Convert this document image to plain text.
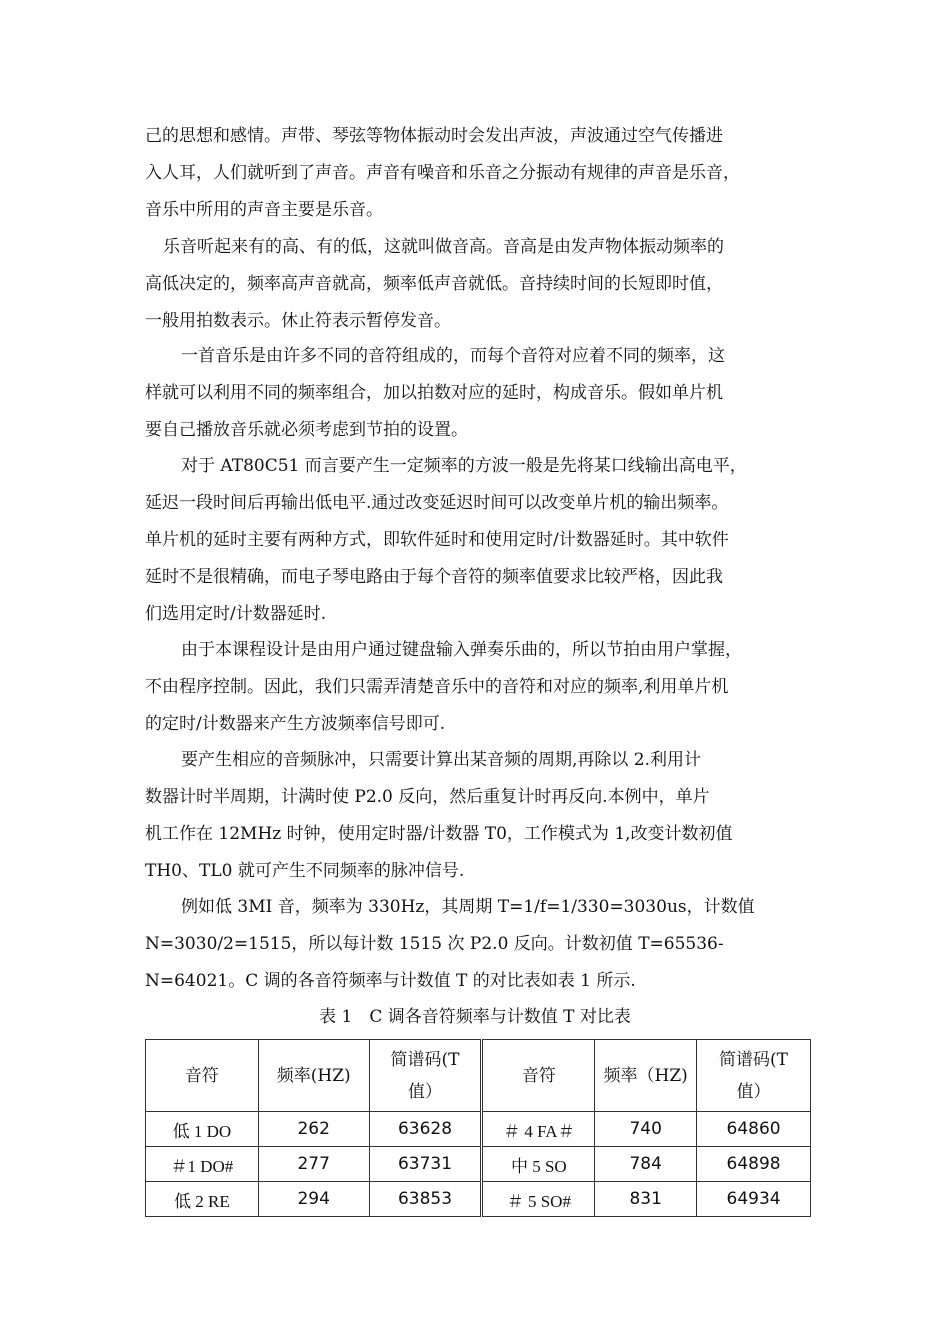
己的思想和感情。声带、琴弦等物体振动时会发出声波，声波通过空气传播进
入人耳，人们就听到了声音。声音有噪音和乐音之分振动有规律的声音是乐音，
音乐中所用的声音主要是乐音。
乐音听起来有的高、有的低，这就叫做音高。音高是由发声物体振动频率的
高低决定的，频率高声音就高，频率低声音就低。音持续时间的长短即时值，
一般用拍数表示。休止符表示暂停发音。
一首音乐是由许多不同的音符组成的，而每个音符对应着不同的频率，这
样就可以利用不同的频率组合，加以拍数对应的延时，构成音乐。假如单片机
要自己播放音乐就必须考虑到节拍的设置。
对于 AT80C51 而言要产生一定频率的方波一般是先将某口线输出高电平，
延迟一段时间后再输出低电平.通过改变延迟时间可以改变单片机的输出频率。
单片机的延时主要有两种方式，即软件延时和使用定时/计数器延时。其中软件
延时不是很精确，而电子琴电路由于每个音符的频率值要求比较严格，因此我
们选用定时/计数器延时.
由于本课程设计是由用户通过键盘输入弹奏乐曲的，所以节拍由用户掌握，
不由程序控制。因此，我们只需弄清楚音乐中的音符和对应的频率,利用单片机
的定时/计数器来产生方波频率信号即可.
要产生相应的音频脉冲，只需要计算出某音频的周期,再除以 2.利用计
数器计时半周期，计满时使 P2.0 反向，然后重复计时再反向.本例中，单片
机工作在 12MHz 时钟，使用定时器/计数器 T0，工作模式为 1,改变计数初值
TH0、TL0 就可产生不同频率的脉冲信号.
例如低 3MI 音，频率为 330Hz，其周期 T=1/f=1/330=3030us，计数值
N=3030/2=1515，所以每计数 1515 次 P2.0 反向。计数初值 T=65536-
N=64021。C 调的各音符频率与计数值 T 的对比表如表 1 所示.
表 1　C 调各音符频率与计数值 T 对比表
音符	频率(HZ)	简谱码(T值）	音符	频率（HZ)	简谱码(T值）
低 1 DO	262	63628	＃ 4 FA＃	740	64860
＃1 DO#	277	63731	中 5 SO	784	64898
低 2 RE	294	63853	＃ 5 SO#	831	64934
